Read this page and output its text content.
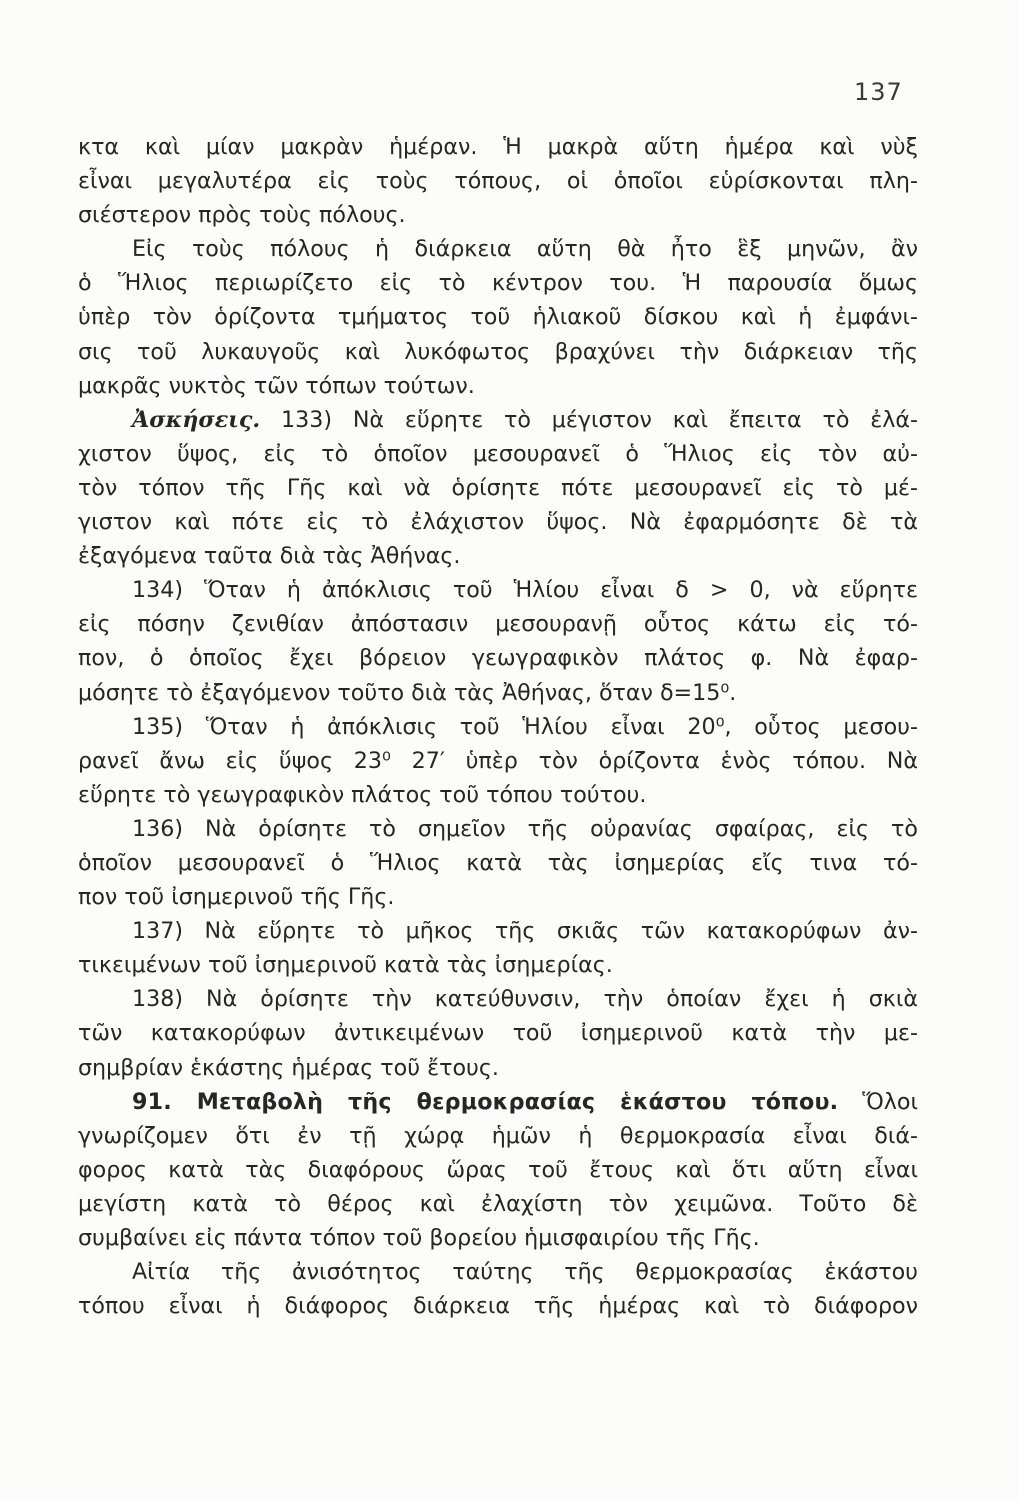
137
κτα καὶ μίαν μακρὰν ἡμέραν. Ἡ μακρὰ αὕτη ἡμέρα καὶ νὺξ
εἶναι μεγαλυτέρα εἰς τοὺς τόπους, οἱ ὁποῖοι εὑρίσκονται πλη-
σιέστερον πρὸς τοὺς πόλους.
Εἰς τοὺς πόλους ἡ διάρκεια αὕτη θὰ ἦτο ἓξ μηνῶν, ἂν
ὁ Ἥλιος περιωρίζετο εἰς τὸ κέντρον του. Ἡ παρουσία ὅμως
ὑπὲρ τὸν ὁρίζοντα τμήματος τοῦ ἡλιακοῦ δίσκου καὶ ἡ ἐμφάνι-
σις τοῦ λυκαυγοῦς καὶ λυκόφωτος βραχύνει τὴν διάρκειαν τῆς
μακρᾶς νυκτὸς τῶν τόπων τούτων.
Ἀσκήσεις. 133) Νὰ εὕρητε τὸ μέγιστον καὶ ἔπειτα τὸ ἐλά-
χιστον ὕψος, εἰς τὸ ὁποῖον μεσουρανεῖ ὁ Ἥλιος εἰς τὸν αὐ-
τὸν τόπον τῆς Γῆς καὶ νὰ ὁρίσητε πότε μεσουρανεῖ εἰς τὸ μέ-
γιστον καὶ πότε εἰς τὸ ἐλάχιστον ὕψος. Νὰ ἐφαρμόσητε δὲ τὰ
ἐξαγόμενα ταῦτα διὰ τὰς Ἀθήνας.
134) Ὅταν ἡ ἀπόκλισις τοῦ Ἡλίου εἶναι δ > 0, νὰ εὕρητε
εἰς πόσην ζενιθίαν ἀπόστασιν μεσουρανῇ οὗτος κάτω εἰς τό-
πον, ὁ ὁποῖος ἔχει βόρειον γεωγραφικὸν πλάτος φ. Νὰ ἐφαρ-
μόσητε τὸ ἐξαγόμενον τοῦτο διὰ τὰς Ἀθήνας, ὅταν δ=15⁰.
135) Ὅταν ἡ ἀπόκλισις τοῦ Ἡλίου εἶναι 20⁰, οὗτος μεσου-
ρανεῖ ἄνω εἰς ὕψος 23⁰ 27′ ὑπὲρ τὸν ὁρίζοντα ἑνὸς τόπου. Νὰ
εὕρητε τὸ γεωγραφικὸν πλάτος τοῦ τόπου τούτου.
136) Νὰ ὁρίσητε τὸ σημεῖον τῆς οὐρανίας σφαίρας, εἰς τὸ
ὁποῖον μεσουρανεῖ ὁ Ἥλιος κατὰ τὰς ἰσημερίας εἴς τινα τό-
πον τοῦ ἰσημερινοῦ τῆς Γῆς.
137) Νὰ εὕρητε τὸ μῆκος τῆς σκιᾶς τῶν κατακορύφων ἀν-
τικειμένων τοῦ ἰσημερινοῦ κατὰ τὰς ἰσημερίας.
138) Νὰ ὁρίσητε τὴν κατεύθυνσιν, τὴν ὁποίαν ἔχει ἡ σκιὰ
τῶν κατακορύφων ἀντικειμένων τοῦ ἰσημερινοῦ κατὰ τὴν με-
σημβρίαν ἑκάστης ἡμέρας τοῦ ἔτους.
91. Μεταβολὴ τῆς θερμοκρασίας ἑκάστου τόπου. Ὅλοι
γνωρίζομεν ὅτι ἐν τῇ χώρᾳ ἡμῶν ἡ θερμοκρασία εἶναι διά-
φορος κατὰ τὰς διαφόρους ὥρας τοῦ ἔτους καὶ ὅτι αὕτη εἶναι
μεγίστη κατὰ τὸ θέρος καὶ ἐλαχίστη τὸν χειμῶνα. Τοῦτο δὲ
συμβαίνει εἰς πάντα τόπον τοῦ βορείου ἡμισφαιρίου τῆς Γῆς.
Αἰτία τῆς ἀνισότητος ταύτης τῆς θερμοκρασίας ἑκάστου
τόπου εἶναι ἡ διάφορος διάρκεια τῆς ἡμέρας καὶ τὸ διάφορον
